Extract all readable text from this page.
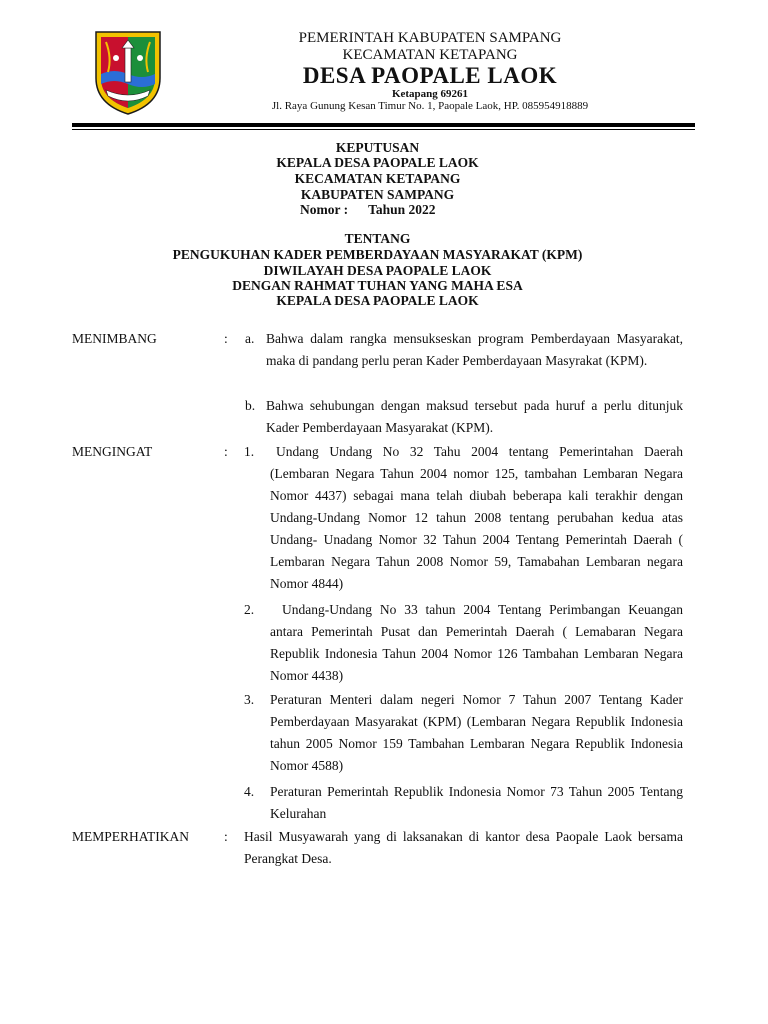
PEMERINTAH KABUPATEN SAMPANG
KECAMATAN KETAPANG
DESA PAOPALE LAOK
Ketapang 69261
Jl. Raya Gunung Kesan Timur No. 1, Paopale Laok, HP. 085954918889
KEPUTUSAN
KEPALA DESA PAOPALE LAOK
KECAMATAN KETAPANG
KABUPATEN SAMPANG
Nomor :      Tahun 2022
TENTANG
PENGUKUHAN KADER PEMBERDAYAAN MASYARAKAT (KPM)
DIWILAYAH DESA PAOPALE LAOK
DENGAN RAHMAT TUHAN YANG MAHA ESA
KEPALA DESA PAOPALE LAOK
MENIMBANG	: a. Bahwa dalam rangka mensukseskan program Pemberdayaan Masyarakat, maka di pandang perlu peran Kader Pemberdayaan Masyrakat (KPM).
b. Bahwa sehubungan dengan maksud tersebut pada huruf a perlu ditunjuk Kader Pemberdayaan Masyarakat (KPM).
MENGINGAT	: 1.	Undang Undang No 32 Tahu 2004 tentang Pemerintahan Daerah (Lembaran Negara Tahun 2004 nomor 125, tambahan Lembaran Negara Nomor 4437) sebagai mana telah diubah beberapa kali terakhir dengan Undang-Undang Nomor 12 tahun 2008 tentang perubahan kedua atas Undang- Unadang Nomor 32 Tahun 2004 Tentang Pemerintah Daerah ( Lembaran Negara Tahun 2008 Nomor 59, Tamabahan Lembaran negara Nomor 4844)
2.	Undang-Undang No 33 tahun 2004 Tentang Perimbangan Keuangan antara Pemerintah Pusat dan Pemerintah Daerah ( Lemabaran Negara Republik Indonesia Tahun 2004 Nomor 126 Tambahan Lembaran Negara Nomor 4438)
3. Peraturan Menteri dalam negeri Nomor 7 Tahun 2007 Tentang Kader Pemberdayaan Masyarakat (KPM) (Lembaran Negara Republik Indonesia tahun 2005 Nomor 159 Tambahan Lembaran Negara Republik Indonesia Nomor 4588)
4. Peraturan Pemerintah Republik Indonesia Nomor 73 Tahun 2005 Tentang Kelurahan
MEMPERHATIKAN	: Hasil Musyawarah yang di laksanakan di kantor desa Paopale Laok bersama Perangkat Desa.
